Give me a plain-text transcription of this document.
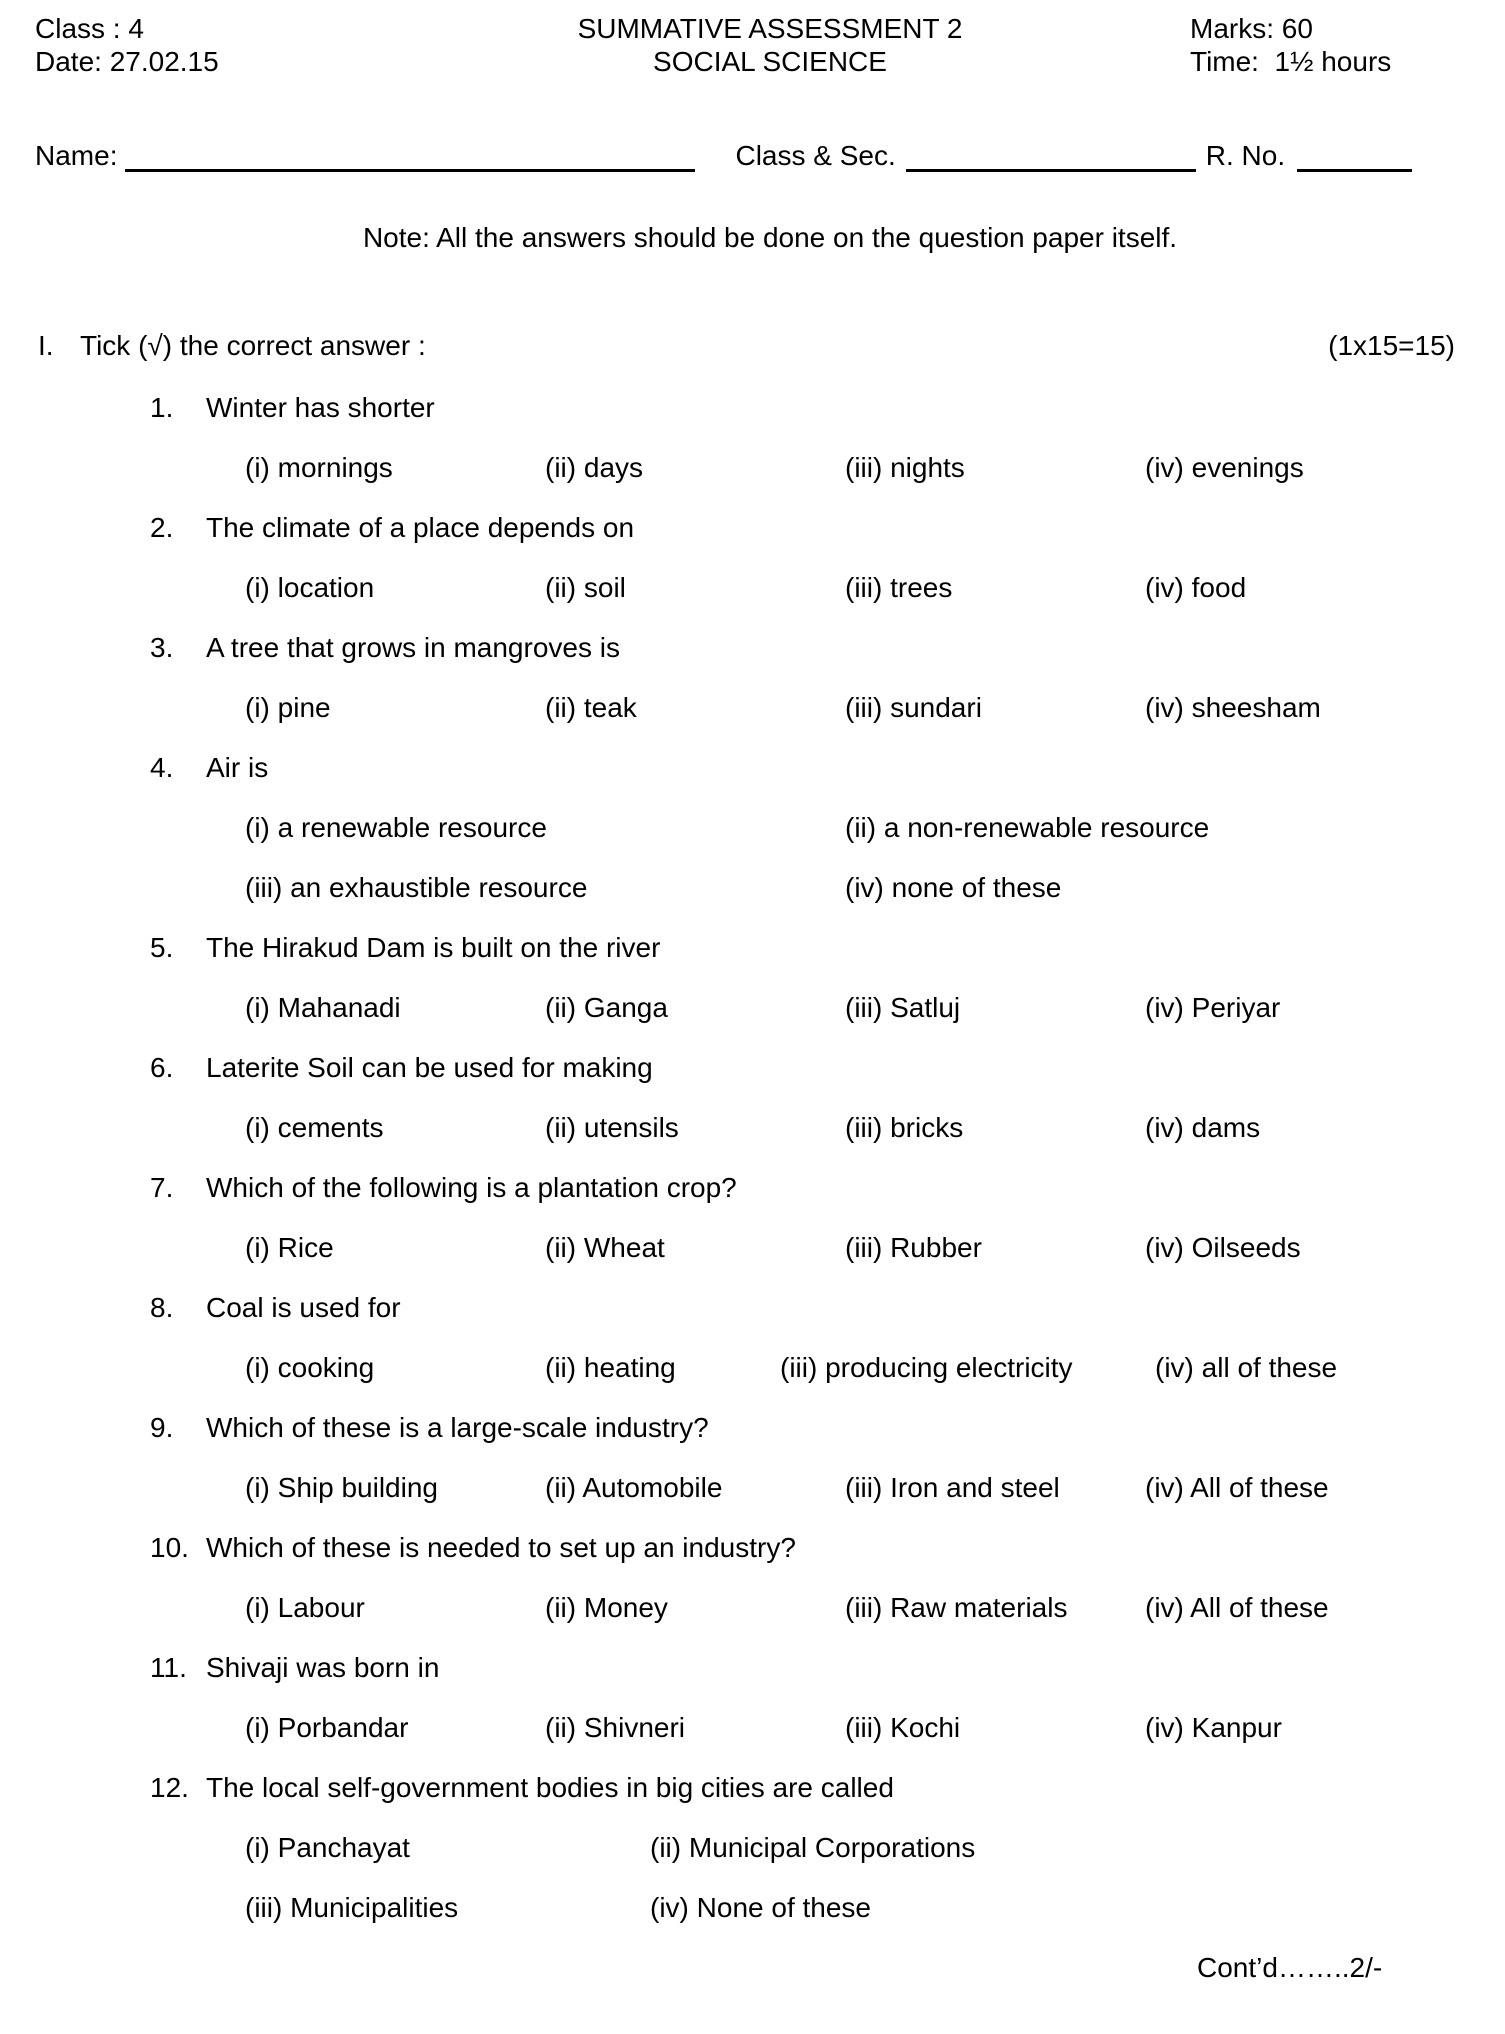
Class : 4
Date: 27.02.15
SUMMATIVE ASSESSMENT 2
SOCIAL SCIENCE
Marks: 60
Time:  1½ hours
Name:	Class & Sec.	R. No.
Note: All the answers should be done on the question paper itself.
I. Tick (√) the correct answer :	(1x15=15)
1. Winter has shorter
(i) mornings	(ii) days	(iii) nights	(iv) evenings
2. The climate of a place depends on
(i) location	(ii) soil	(iii) trees	(iv) food
3. A tree that grows in mangroves is
(i) pine	(ii) teak	(iii) sundari	(iv) sheesham
4. Air is
(i) a renewable resource	(ii) a non-renewable resource
(iii) an exhaustible resource	(iv) none of these
5. The Hirakud Dam is built on the river
(i) Mahanadi	(ii) Ganga	(iii) Satluj	(iv) Periyar
6. Laterite Soil can be used for making
(i) cements	(ii) utensils	(iii) bricks	(iv) dams
7. Which of the following is a plantation crop?
(i) Rice	(ii) Wheat	(iii) Rubber	(iv) Oilseeds
8. Coal is used for
(i) cooking	(ii) heating	(iii) producing electricity	(iv) all of these
9. Which of these is a large-scale industry?
(i) Ship building	(ii) Automobile	(iii) Iron and steel	(iv) All of these
10. Which of these is needed to set up an industry?
(i) Labour	(ii) Money	(iii) Raw materials	(iv) All of these
11. Shivaji was born in
(i) Porbandar	(ii) Shivneri	(iii) Kochi	(iv) Kanpur
12. The local self-government bodies in big cities are called
(i) Panchayat	(ii) Municipal Corporations
(iii) Municipalities	(iv) None of these
Cont’d……..2/-
